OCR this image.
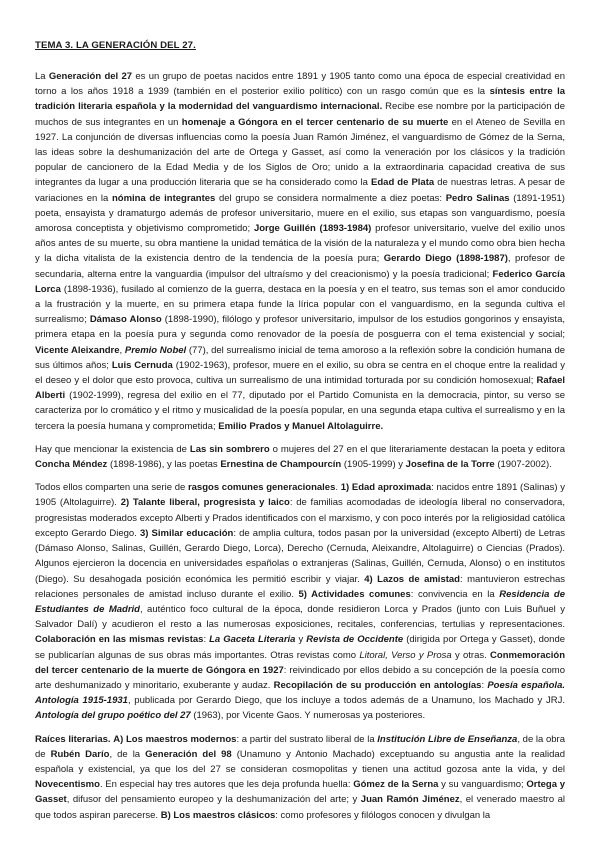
TEMA 3. LA GENERACIÓN DEL 27.

La Generación del 27 es un grupo de poetas nacidos entre 1891 y 1905 tanto como una época de especial creatividad en torno a los años 1918 a 1939 (también en el posterior exilio político) con un rasgo común que es la síntesis entre la tradición literaria española y la modernidad del vanguardismo internacional. Recibe ese nombre por la participación de muchos de sus integrantes en un homenaje a Góngora en el tercer centenario de su muerte en el Ateneo de Sevilla en 1927. La conjunción de diversas influencias como la poesía Juan Ramón Jiménez, el vanguardismo de Gómez de la Serna, las ideas sobre la deshumanización del arte de Ortega y Gasset, así como la veneración por los clásicos y la tradición popular de cancionero de la Edad Media y de los Siglos de Oro; unido a la extraordinaria capacidad creativa de sus integrantes da lugar a una producción literaria que se ha considerado como la Edad de Plata de nuestras letras. A pesar de variaciones en la nómina de integrantes del grupo se considera normalmente a diez poetas: Pedro Salinas (1891-1951) poeta, ensayista y dramaturgo además de profesor universitario, muere en el exilio, sus etapas son vanguardismo, poesía amorosa conceptista y objetivismo comprometido; Jorge Guillén (1893-1984) profesor universitario, vuelve del exilio unos años antes de su muerte, su obra mantiene la unidad temática de la visión de la naturaleza y el mundo como obra bien hecha y la dicha vitalista de la existencia dentro de la tendencia de la poesía pura; Gerardo Diego (1898-1987), profesor de secundaria, alterna entre la vanguardia (impulsor del ultraísmo y del creacionismo) y la poesía tradicional; Federico García Lorca (1898-1936), fusilado al comienzo de la guerra, destaca en la poesía y en el teatro, sus temas son el amor conducido a la frustración y la muerte, en su primera etapa funde la lírica popular con el vanguardismo, en la segunda cultiva el surrealismo; Dámaso Alonso (1898-1990), filólogo y profesor universitario, impulsor de los estudios gongorinos y ensayista, primera etapa en la poesía pura y segunda como renovador de la poesía de posguerra con el tema existencial y social; Vicente Aleixandre, Premio Nobel (77), del surrealismo inicial de tema amoroso a la reflexión sobre la condición humana de sus últimos años; Luis Cernuda (1902-1963), profesor, muere en el exilio, su obra se centra en el choque entre la realidad y el deseo y el dolor que esto provoca, cultiva un surrealismo de una intimidad torturada por su condición homosexual; Rafael Alberti (1902-1999), regresa del exilio en el 77, diputado por el Partido Comunista en la democracia, pintor, su verso se caracteriza por lo cromático y el ritmo y musicalidad de la poesía popular, en una segunda etapa cultiva el surrealismo y en la tercera la poesía humana y comprometida; Emilio Prados y Manuel Altolaguirre.

Hay que mencionar la existencia de Las sin sombrero o mujeres del 27 en el que literariamente destacan la poeta y editora Concha Méndez (1898-1986), y las poetas Ernestina de Champourcín (1905-1999) y Josefina de la Torre (1907-2002).

Todos ellos comparten una serie de rasgos comunes generacionales. 1) Edad aproximada: nacidos entre 1891 (Salinas) y 1905 (Altolaguirre). 2) Talante liberal, progresista y laico: de familias acomodadas de ideología liberal no conservadora, progresistas moderados excepto Alberti y Prados identificados con el marxismo, y con poco interés por la religiosidad católica excepto Gerardo Diego. 3) Similar educación: de amplia cultura, todos pasan por la universidad (excepto Alberti) de Letras (Dámaso Alonso, Salinas, Guillén, Gerardo Diego, Lorca), Derecho (Cernuda, Aleixandre, Altolaguirre) o Ciencias (Prados). Algunos ejercieron la docencia en universidades españolas o extranjeras (Salinas, Guillén, Cernuda, Alonso) o en institutos (Diego). Su desahogada posición económica les permitió escribir y viajar. 4) Lazos de amistad: mantuvieron estrechas relaciones personales de amistad incluso durante el exilio. 5) Actividades comunes: convivencia en la Residencia de Estudiantes de Madrid, auténtico foco cultural de la época, donde residieron Lorca y Prados (junto con Luis Buñuel y Salvador Dalí) y acudieron el resto a las numerosas exposiciones, recitales, conferencias, tertulias y representaciones. Colaboración en las mismas revistas: La Gaceta Literaria y Revista de Occidente (dirigida por Ortega y Gasset), donde se publicarían algunas de sus obras más importantes. Otras revistas como Litoral, Verso y Prosa y otras. Conmemoración del tercer centenario de la muerte de Góngora en 1927: reivindicado por ellos debido a su concepción de la poesía como arte deshumanizado y minoritario, exuberante y audaz. Recopilación de su producción en antologías: Poesía española. Antología 1915-1931, publicada por Gerardo Diego, que los incluye a todos además de a Unamuno, los Machado y JRJ. Antología del grupo poético del 27 (1963), por Vicente Gaos. Y numerosas ya posteriores.

Raíces literarias. A) Los maestros modernos: a partir del sustrato liberal de la Institución Libre de Enseñanza, de la obra de Rubén Darío, de la Generación del 98 (Unamuno y Antonio Machado) exceptuando su angustia ante la realidad española y existencial, ya que los del 27 se consideran cosmopolitas y tienen una actitud gozosa ante la vida, y del Novecentismo. En especial hay tres autores que les deja profunda huella: Gómez de la Serna y su vanguardismo; Ortega y Gasset, difusor del pensamiento europeo y la deshumanización del arte; y Juan Ramón Jiménez, el venerado maestro al que todos aspiran parecerse. B) Los maestros clásicos: como profesores y filólogos conocen y divulgan la
